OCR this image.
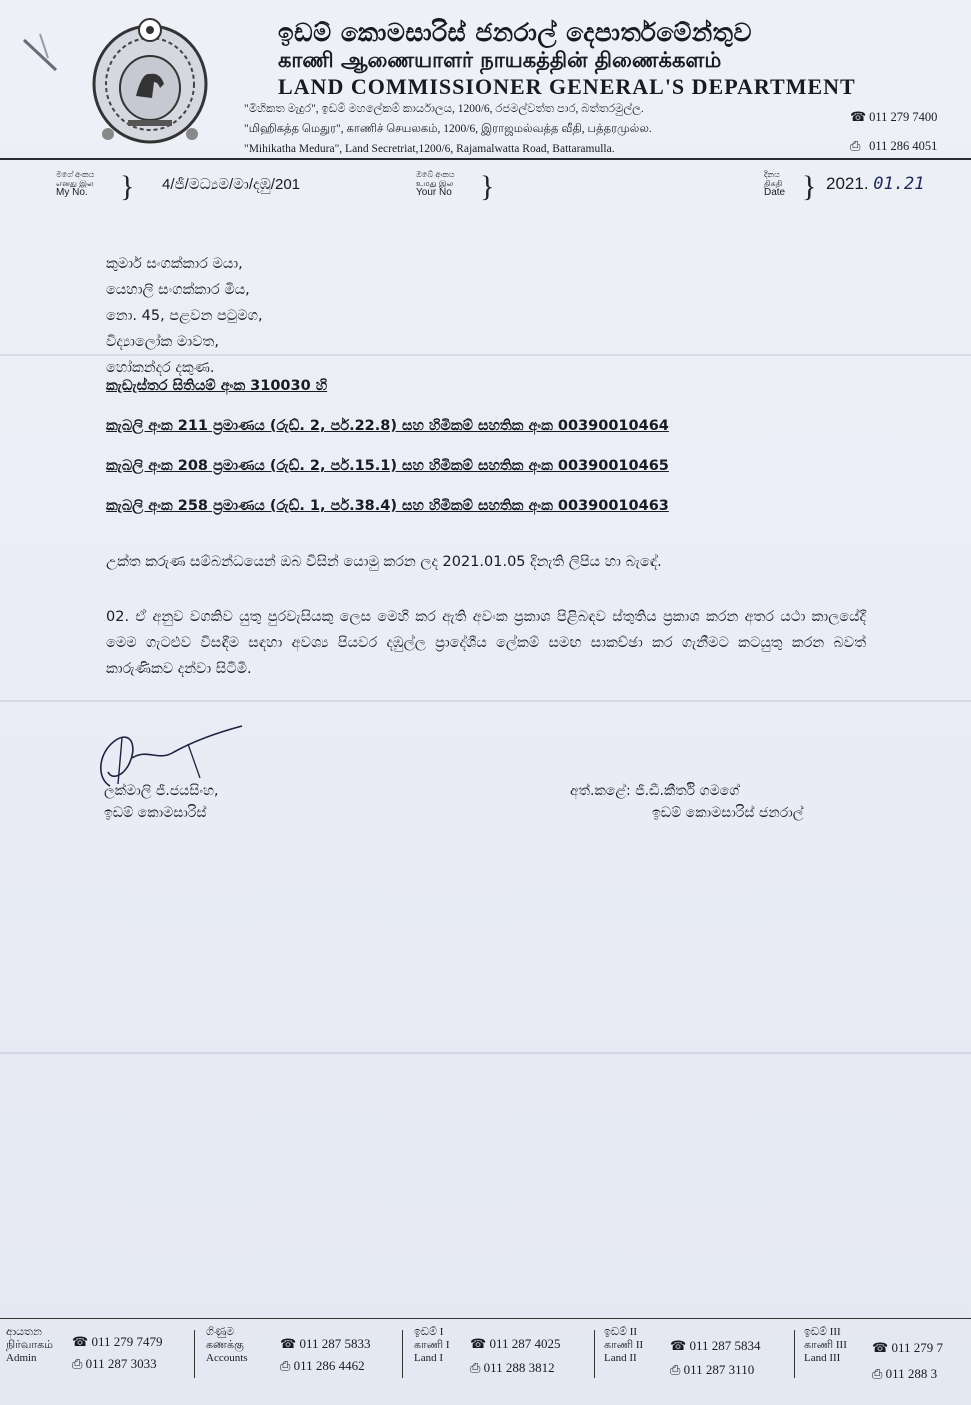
ඉඩම් කොමසාරිස් ජනරාල් දෙපාර්තමේන්තුව
காணி ஆணையாளர் நாயகத்தின் திணைக்களம்
LAND COMMISSIONER GENERAL'S DEPARTMENT
"මිහිකත මැදුර", ඉඩම් මහලේකම් කාර්යාලය, 1200/6, රජමල්වත්ත පාර, බත්තරමුල්ල.
"மிஹிகத்த மெதுர", காணிச் செயலகம், 1200/6, இராஜமல்வத்த வீதி, பத்தரமுல்ல.
"Mihikatha Medura", Land Secretriat,1200/6, Rajamalwatta Road, Battaramulla.
☎ 011 279 7400
⎙ 011 286 4051
මගේ අංකය
எனது இல
My No. } 4/ජී/මධ්‍යම/මා/දඹු/201
ඔබේ අංකය
உமது இல
Your No }	දිනය
திகதி
Date } 2021. 01.21
කුමාර් සංගක්කාර මයා,
යෙහාලි සංගක්කාර මිය,
නො. 45, පළවන පටුමග,
විද්‍යාලෝක මාවත,
හෝකන්දර දකුණ.
කැඩැස්තර සිතියම් අංක 310030 හි
කැබලි අංක 211 ප්‍රමාණය (රුඩ්. 2, පර්.22.8) සහ හිමිකම් සහතික අංක 00390010464
කැබලි අංක 208 ප්‍රමාණය (රුඩ්. 2, පර්.15.1) සහ හිමිකම් සහතික අංක 00390010465
කැබලි අංක 258 ප්‍රමාණය (රුඩ්. 1, පර්.38.4) සහ හිමිකම් සහතික අංක 00390010463
උක්ත කරුණ සම්බන්ධයෙන් ඔබ විසින් යොමු කරන ලද 2021.01.05 දිනැති ලිපිය හා බැඳේ.
02. ඒ අනුව වගකිව යුතු පුරවැසියකු ලෙස මෙහි කර ඇති අවංක ප්‍රකාශ පිළිබඳව ස්තුතිය ප්‍රකාශ කරන අතර යථා කාලයේදී මෙම ගැටළුව විසඳීම සඳහා අවශ්‍ය පියවර දඹුල්ල ප්‍රාදේශීය ලේකම් සමඟ සාකච්ඡා කර ගැනීමට කටයුතු කරන බවත් කාරුණිකව දන්වා සිටිමි.
ලක්මාලි ජී.ජයසිංහ,
ඉඩම් කොමසාරිස්
අත්.කළේ: ජී.ඩී.කීර්ති ගමගේ
ඉඩම් කොමසාරිස් ජනරාල්
ආයතන
நிர்வாகம்
Admin
☎ 011 279 7479
⎙ 011 287 3033
ගිණුම
கணக்கு
Accounts
☎ 011 287 5833
⎙ 011 286 4462
ඉඩම් I
காணி I
Land I
☎ 011 287 4025
⎙ 011 288 3812
ඉඩම් II
காணி II
Land II
☎ 011 287 5834
⎙ 011 287 3110
ඉඩම් III
காணி III
Land III
☎ 011 279 7
⎙ 011 288 3
